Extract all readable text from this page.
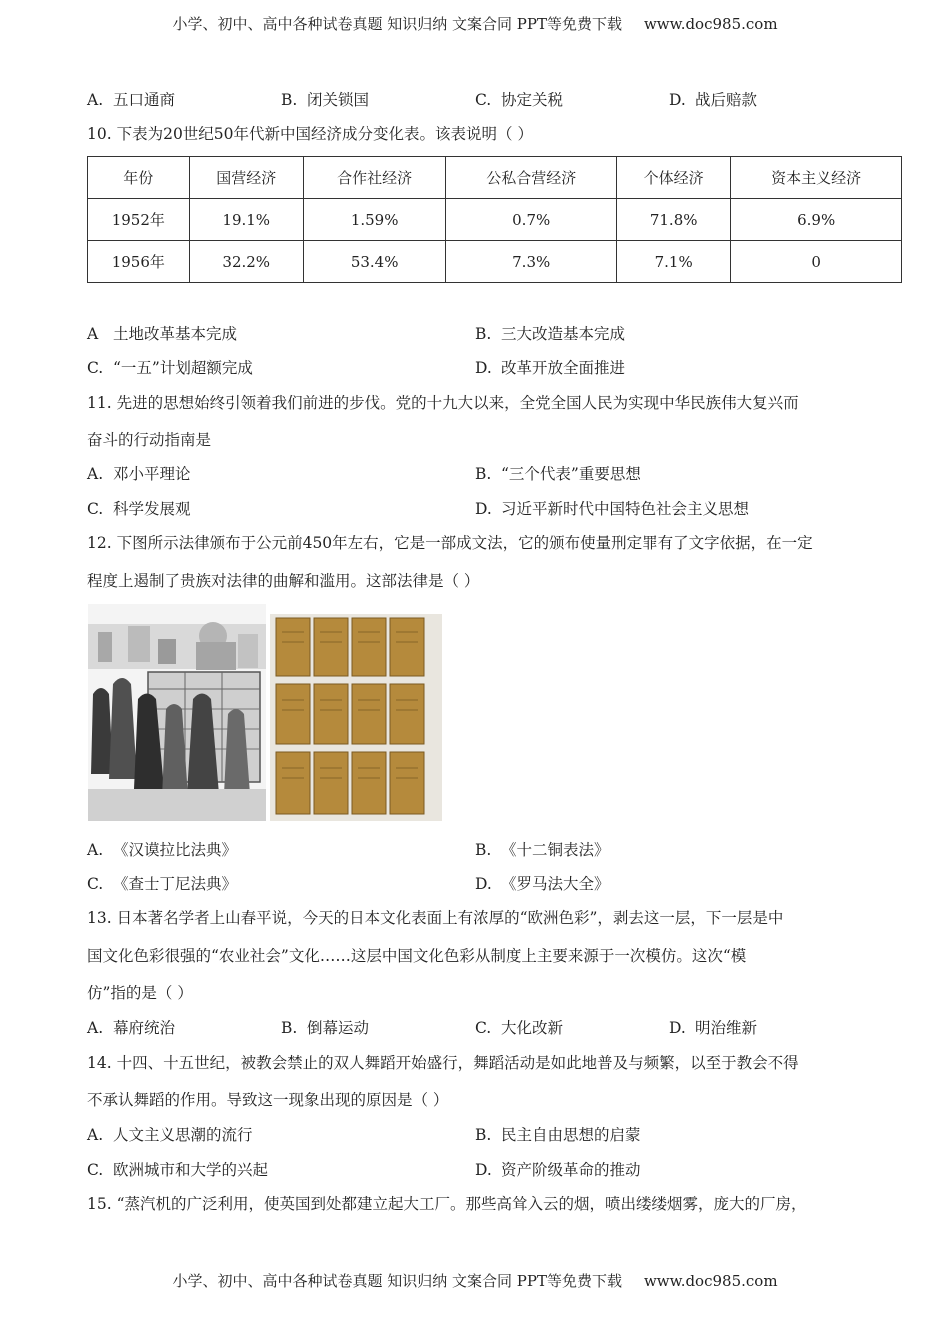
小学、初中、高中各种试卷真题 知识归纳 文案合同 PPT等免费下载 www.doc985.com
A. 五口通商	B. 闭关锁国	C. 协定关税	D. 战后赔款
10. 下表为20世纪50年代新中国经济成分变化表。该表说明（ ）
年份	国营经济	合作社经济	公私合营经济	个体经济	资本主义经济
1952年	19.1%	1.59%	0.7%	71.8%	6.9%
1956年	32.2%	53.4%	7.3%	7.1%	0
A 土地改革基本完成	B. 三大改造基本完成
C. “一五”计划超额完成	D. 改革开放全面推进
11. 先进的思想始终引领着我们前进的步伐。党的十九大以来，全党全国人民为实现中华民族伟大复兴而
奋斗的行动指南是
A. 邓小平理论	B. “三个代表”重要思想
C. 科学发展观	D. 习近平新时代中国特色社会主义思想
12. 下图所示法律颁布于公元前450年左右，它是一部成文法，它的颁布使量刑定罪有了文字依据，在一定
程度上遏制了贵族对法律的曲解和滥用。这部法律是（ ）
A. 《汉谟拉比法典》	B. 《十二铜表法》
C. 《查士丁尼法典》	D. 《罗马法大全》
13. 日本著名学者上山春平说，今天的日本文化表面上有浓厚的“欧洲色彩”，剥去这一层，下一层是中
国文化色彩很强的“农业社会”文化……这层中国文化色彩从制度上主要来源于一次模仿。这次“模
仿”指的是（ ）
A. 幕府统治	B. 倒幕运动	C. 大化改新	D. 明治维新
14. 十四、十五世纪，被教会禁止的双人舞蹈开始盛行，舞蹈活动是如此地普及与频繁，以至于教会不得
不承认舞蹈的作用。导致这一现象出现的原因是（ ）
A. 人文主义思潮的流行	B. 民主自由思想的启蒙
C. 欧洲城市和大学的兴起	D. 资产阶级革命的推动
15. “蒸汽机的广泛利用，使英国到处都建立起大工厂。那些高耸入云的烟，喷出缕缕烟雾，庞大的厂房，
小学、初中、高中各种试卷真题 知识归纳 文案合同 PPT等免费下载 www.doc985.com
